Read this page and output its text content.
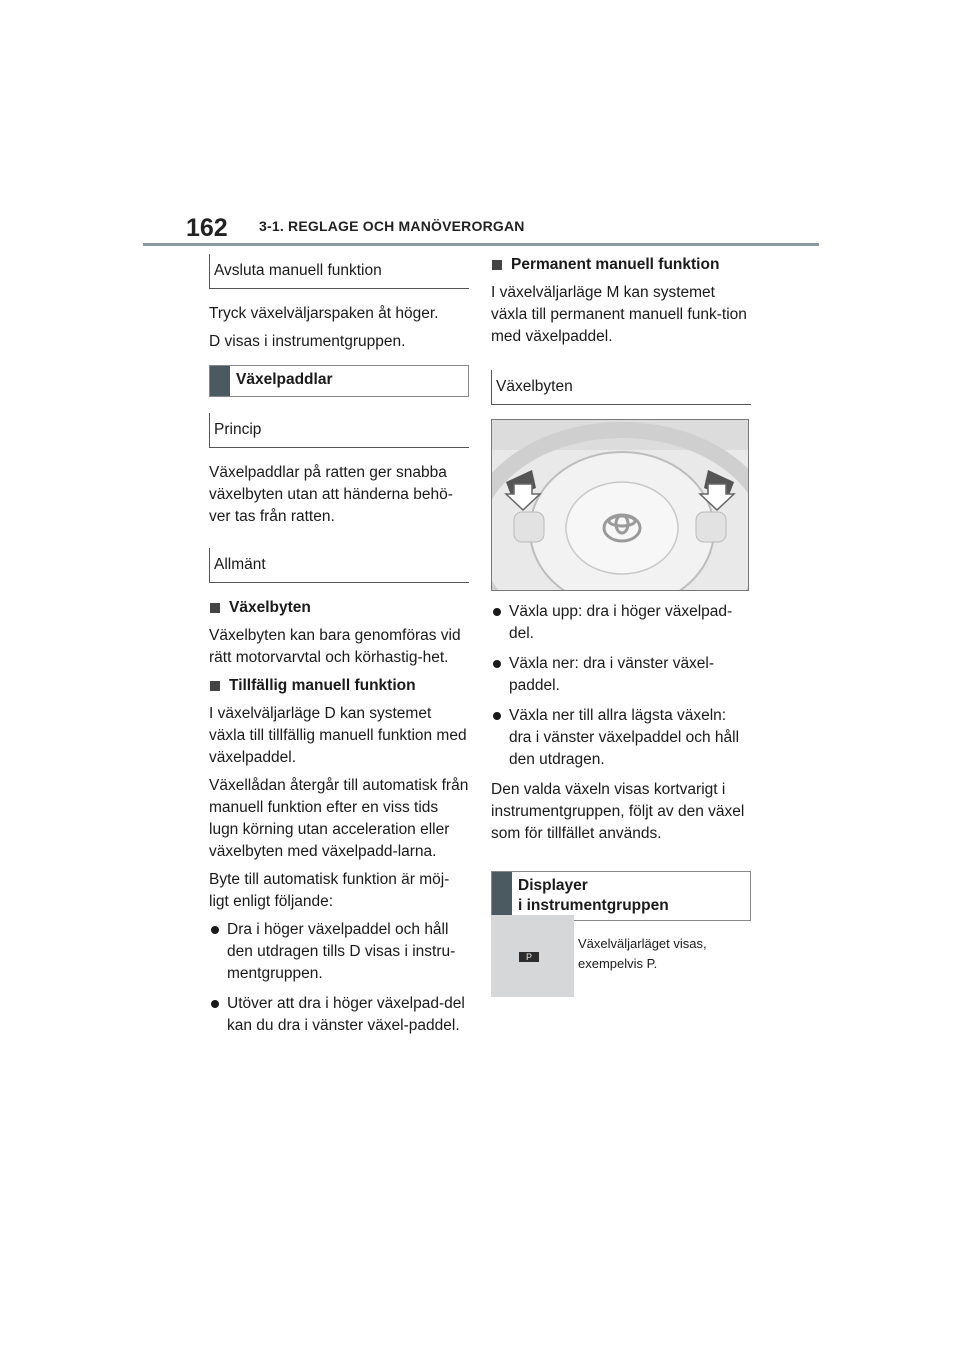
162 3-1. REGLAGE OCH MANÖVERORGAN
Avsluta manuell funktion

Tryck växelväljarspaken åt höger.

D visas i instrumentgruppen.

Växelpaddlar
Princip

Växelpaddlar på ratten ger snabba växelbyten utan att händerna behö-ver tas från ratten.

Allmänt
Växelbyten

Växelbyten kan bara genomföras vid rätt motorvarvtal och körhastig-het.

Tillfällig manuell funktion

I växelväljarläge D kan systemet växla till tillfällig manuell funktion med växelpaddel.

Växellådan återgår till automatisk från manuell funktion efter en viss tids lugn körning utan acceleration eller växelbyten med växelpadd-larna.

Byte till automatisk funktion är möj-ligt enligt följande:

Dra i höger växelpaddel och håll den utdragen tills D visas i instru-mentgruppen.
Utöver att dra i höger växelpad-del kan du dra i vänster växel-paddel.
Permanent manuell funktion

I växelväljarläge M kan systemet växla till permanent manuell funk-tion med växelpaddel.

Växelbyten
Växla upp: dra i höger växelpad-del.
Växla ner: dra i vänster växel-paddel.
Växla ner till allra lägsta växeln: dra i vänster växelpaddel och håll den utdragen.

Den valda växeln visas kortvarigt i instrumentgruppen, följt av den växel som för tillfället används.

Displayer
i instrumentgruppen
P
Växelväljarläget visas,
exempelvis P.
